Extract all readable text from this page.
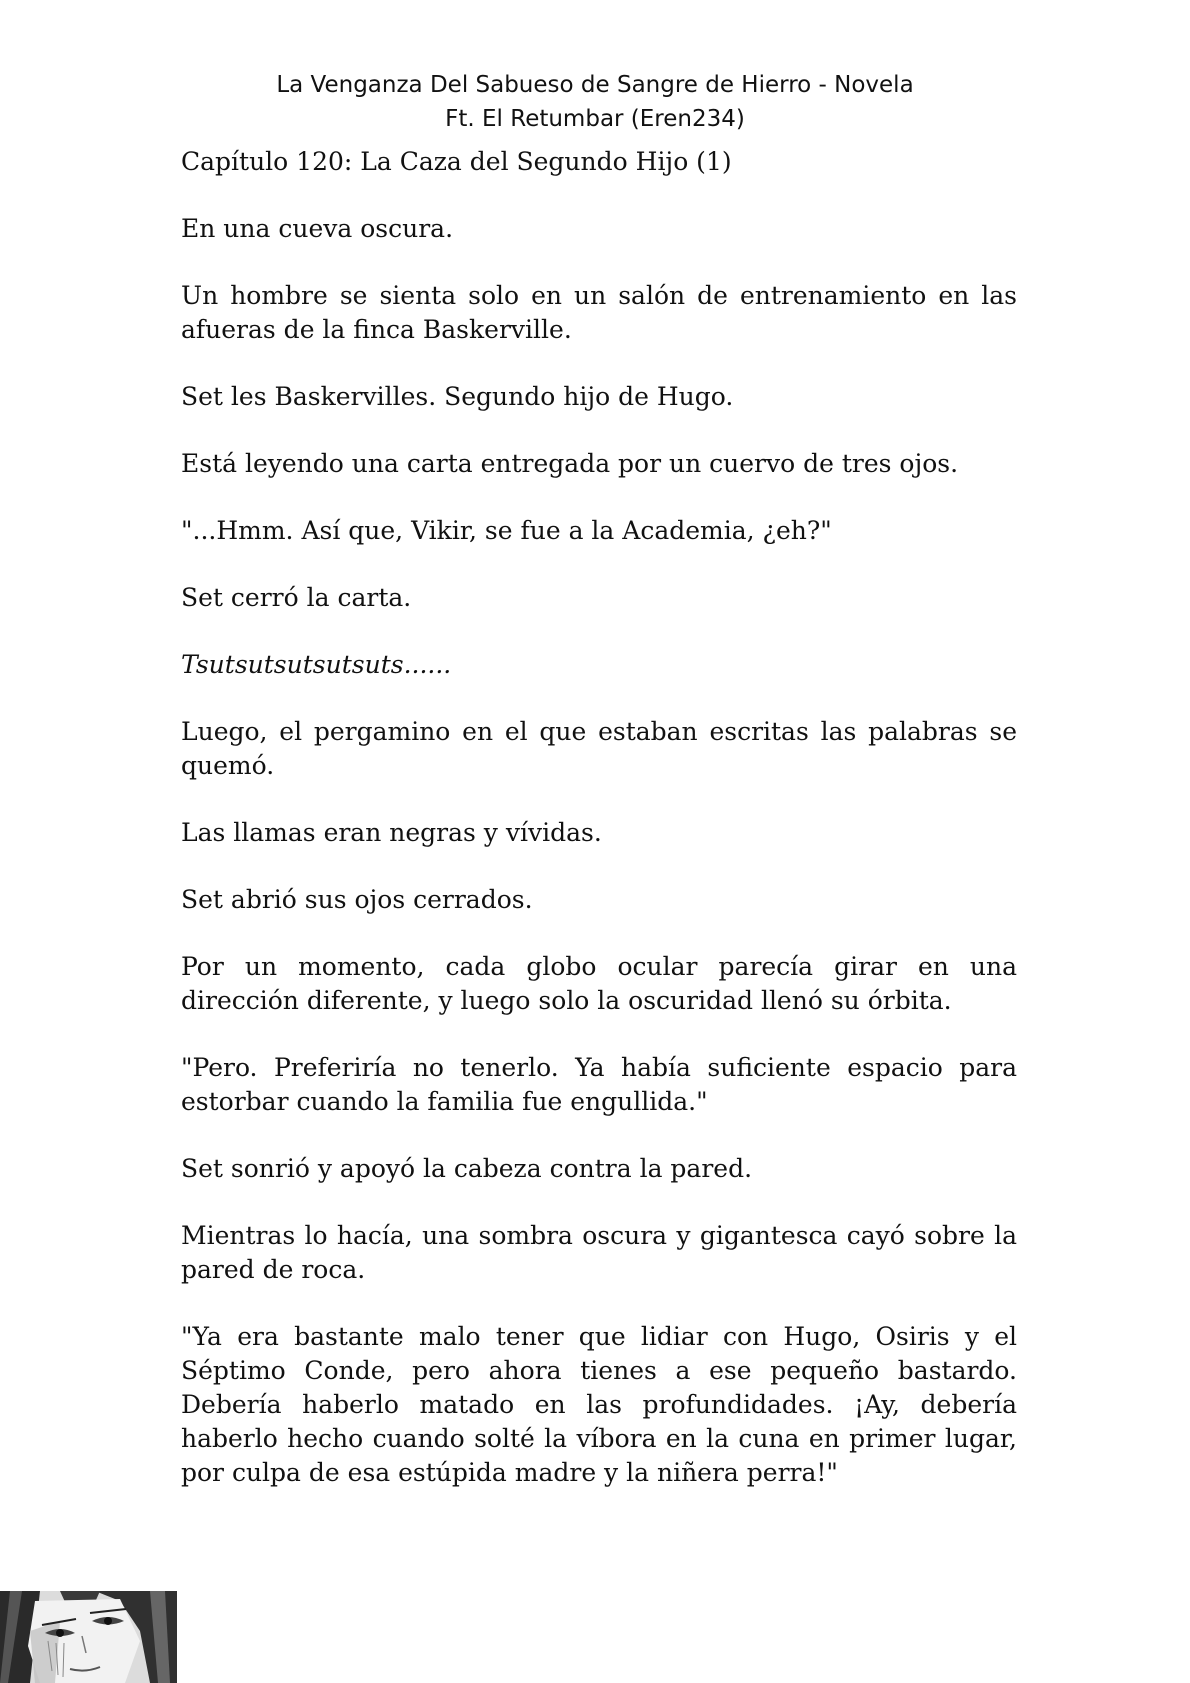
La Venganza Del Sabueso de Sangre de Hierro - Novela
Ft. El Retumbar (Eren234)

Capítulo 120: La Caza del Segundo Hijo (1)

En una cueva oscura.

Un hombre se sienta solo en un salón de entrenamiento en las afueras de la finca Baskerville.

Set les Baskervilles. Segundo hijo de Hugo.

Está leyendo una carta entregada por un cuervo de tres ojos.

"...Hmm. Así que, Vikir, se fue a la Academia, ¿eh?"

Set cerró la carta.

Tsutsutsutsutsuts......

Luego, el pergamino en el que estaban escritas las palabras se quemó.

Las llamas eran negras y vívidas.

Set abrió sus ojos cerrados.

Por un momento, cada globo ocular parecía girar en una dirección diferente, y luego solo la oscuridad llenó su órbita.

"Pero. Preferiría no tenerlo. Ya había suficiente espacio para estorbar cuando la familia fue engullida."

Set sonrió y apoyó la cabeza contra la pared.

Mientras lo hacía, una sombra oscura y gigantesca cayó sobre la pared de roca.

"Ya era bastante malo tener que lidiar con Hugo, Osiris y el Séptimo Conde, pero ahora tienes a ese pequeño bastardo. Debería haberlo matado en las profundidades. ¡Ay, debería haberlo hecho cuando solté la víbora en la cuna en primer lugar, por culpa de esa estúpida madre y la niñera perra!"
